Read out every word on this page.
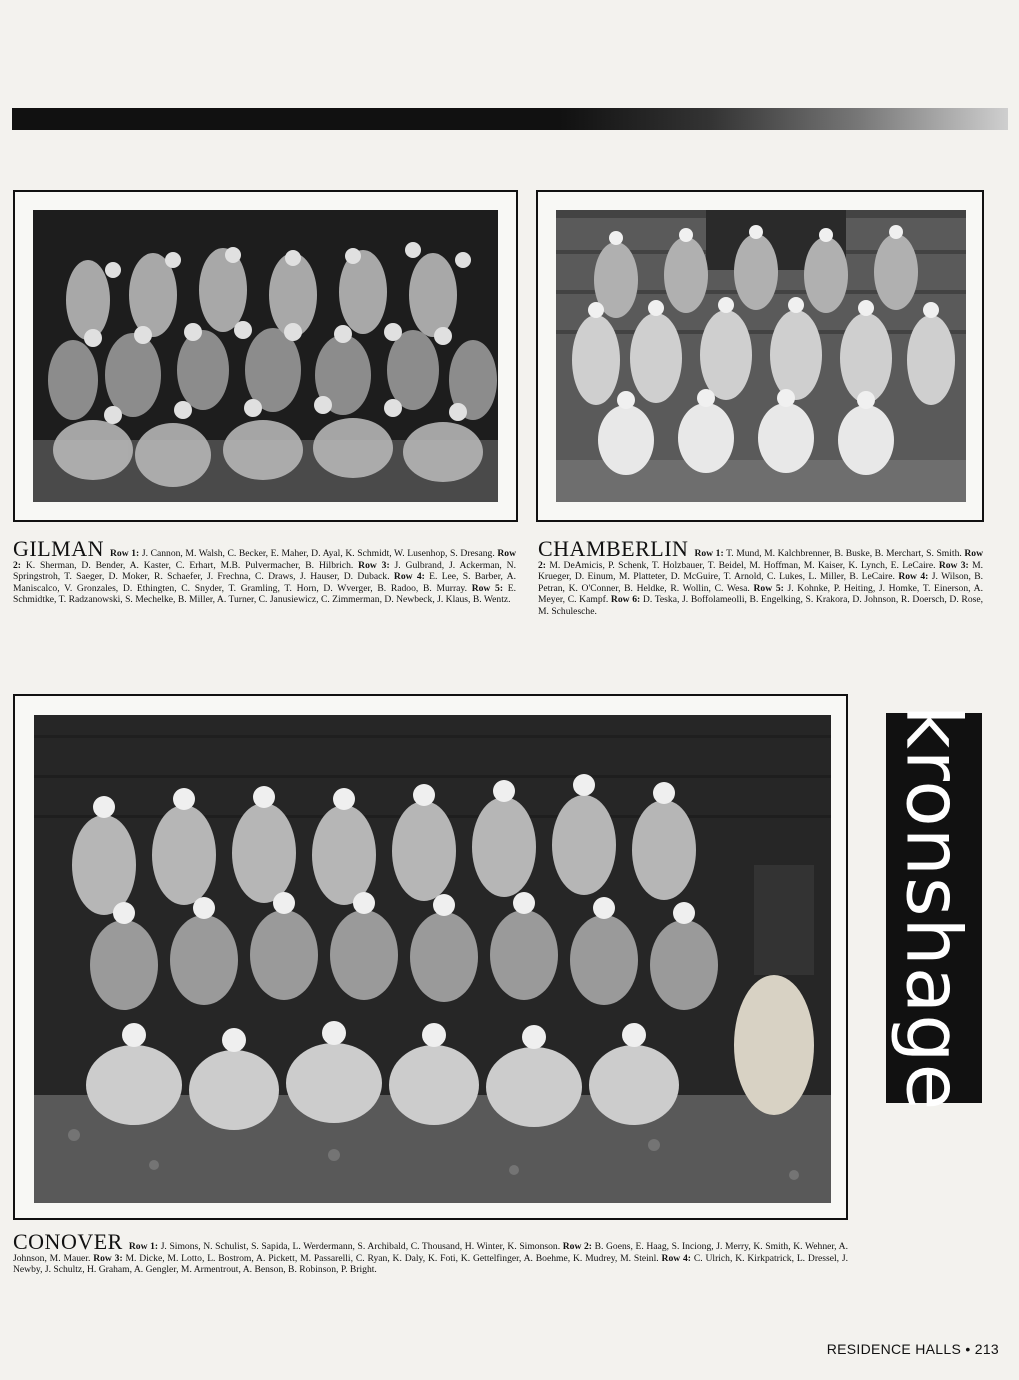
GILMAN Row 1: J. Cannon, M. Walsh, C. Becker, E. Maher, D. Ayal, K. Schmidt, W. Lusenhop, S. Dresang. Row 2: K. Sherman, D. Bender, A. Kaster, C. Erhart, M.B. Pulvermacher, B. Hilbrich. Row 3: J. Gulbrand, J. Ackerman, N. Springstroh, T. Saeger, D. Moker, R. Schaefer, J. Frechna, C. Draws, J. Hauser, D. Duback. Row 4: E. Lee, S. Barber, A. Maniscalco, V. Gronzales, D. Ethingten, C. Snyder, T. Gramling, T. Horn, D. Wverger, B. Radoo, B. Murray. Row 5: E. Schmidtke, T. Radzanowski, S. Mechelke, B. Miller, A. Turner, C. Janusiewicz, C. Zimmerman, D. Newbeck, J. Klaus, B. Wentz.
CHAMBERLIN Row 1: T. Mund, M. Kalchbrenner, B. Buske, B. Merchart, S. Smith. Row 2: M. DeAmicis, P. Schenk, T. Holzbauer, T. Beidel, M. Hoffman, M. Kaiser, K. Lynch, E. LeCaire. Row 3: M. Krueger, D. Einum, M. Platteter, D. McGuire, T. Arnold, C. Lukes, L. Miller, B. LeCaire. Row 4: J. Wilson, B. Petran, K. O'Conner, B. Heldke, R. Wollin, C. Wesa. Row 5: J. Kohnke, P. Heiting, J. Homke, T. Einerson, A. Meyer, C. Kampf. Row 6: D. Teska, J. Boffolameolli, B. Engelking, S. Krakora, D. Johnson, R. Doersch, D. Rose, M. Schulesche.
kronshage
CONOVER Row 1: J. Simons, N. Schulist, S. Sapida, L. Werdermann, S. Archibald, C. Thousand, H. Winter, K. Simonson. Row 2: B. Goens, E. Haag, S. Inciong, J. Merry, K. Smith, K. Wehner, A. Johnson, M. Mauer. Row 3: M. Dicke, M. Lotto, L. Bostrom, A. Pickett, M. Passarelli, C. Ryan, K. Daly, K. Foti, K. Gettelfinger, A. Boehme, K. Mudrey, M. Steinl. Row 4: C. Ulrich, K. Kirkpatrick, L. Dressel, J. Newby, J. Schultz, H. Graham, A. Gengler, M. Armentrout, A. Benson, B. Robinson, P. Bright.
RESIDENCE HALLS • 213
